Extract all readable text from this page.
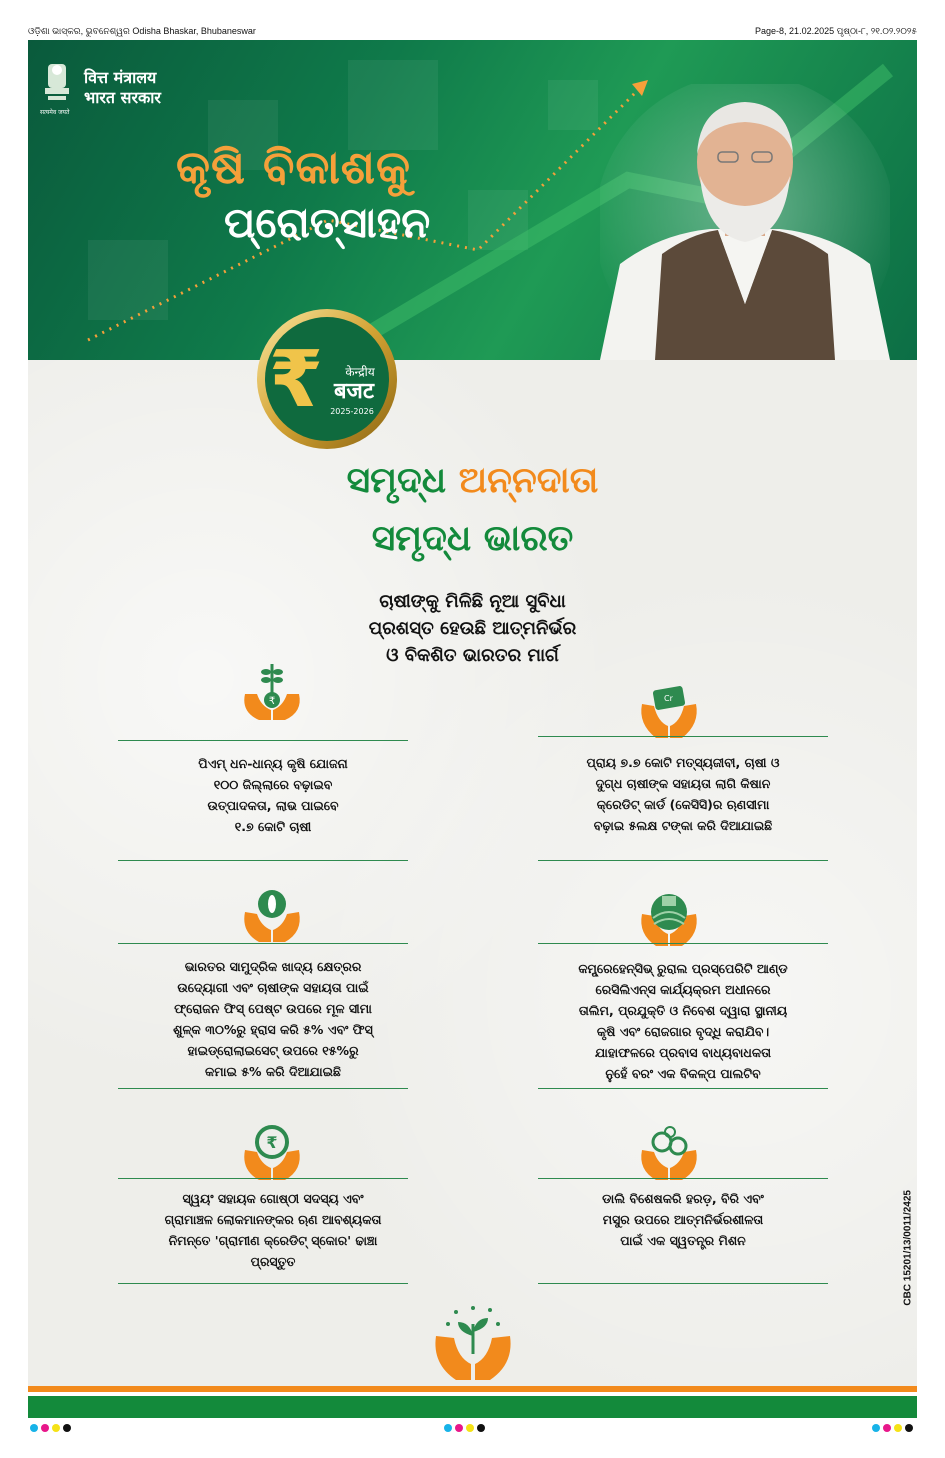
ଓଡ଼ିଶା ଭାସ୍କର, ଭୁବନେଶ୍ୱର Odisha Bhaskar, Bhubaneswar	Page-8, 21.02.2025 ପୃଷ୍ଠା-୮, ୨୧.୦୨.୨୦୨୫
सत्यमेव जयते
वित्त मंत्रालय
भारत सरकार
କୃଷି ବିକାଶକୁ
ପ୍ରୋତ୍ସାହନ
₹ केन्द्रीय
बजट
2025-2026
ସମୃଦ୍ଧ ଅନ୍ନଦାତା
ସମୃଦ୍ଧ ଭାରତ
ଚାଷୀଙ୍କୁ ମିଳିଛି ନୂଆ ସୁବିଧା
ପ୍ରଶସ୍ତ ହେଉଛି ଆତ୍ମନିର୍ଭର
ଓ ବିକଶିତ ଭାରତର ମାର୍ଗ
₹
ପିଏମ୍ ଧନ-ଧାନ୍ୟ କୃଷି ଯୋଜନା
୧୦୦ ଜିଲ୍ଲାରେ ବଢ଼ାଇବ
ଉତ୍ପାଦକତା, ଲାଭ ପାଇବେ
୧.୭ କୋଟି ଚାଷୀ
Cr
ପ୍ରାୟ ୭.୭ କୋଟି ମତ୍ସ୍ୟଜୀବୀ, ଚାଷୀ ଓ
ଦୁଗ୍ଧ ଚାଷୀଙ୍କ ସହାୟତା ଲାଗି କିଷାନ
କ୍ରେଡିଟ୍ କାର୍ଡ (କେସିସି)ର ଋଣସୀମା
ବଢ଼ାଇ ୫ଲକ୍ଷ ଟଙ୍କା କରି ଦିଆଯାଇଛି
ଭାରତର ସାମୁଦ୍ରିକ ଖାଦ୍ୟ କ୍ଷେତ୍ରର
ଉଦ୍ୟୋଗୀ ଏବଂ ଚାଷୀଙ୍କ ସହାୟତା ପାଇଁ
ଫ୍ରୋଜନ ଫିସ୍ ପେଷ୍ଟ ଉପରେ ମୂଳ ସୀମା
ଶୁଳ୍କ ୩୦%ରୁ ହ୍ରାସ କରି ୫% ଏବଂ ଫିସ୍
ହାଇଡ୍ରୋଲାଇସେଟ୍ ଉପରେ ୧୫%ରୁ
କମାଇ ୫% କରି ଦିଆଯାଇଛି
କମ୍ପ୍ରେହେନ୍ସିଭ୍ ରୁରାଲ ପ୍ରସ୍ପେରିଟି ଆଣ୍ଡ
ରେସିଲିଏନ୍ସ କାର୍ଯ୍ୟକ୍ରମ ଅଧୀନରେ
ତାଲିମ, ପ୍ରଯୁକ୍ତି ଓ ନିବେଶ ଦ୍ୱାରା ସ୍ଥାନୀୟ
କୃଷି ଏବଂ ରୋଜଗାର ବୃଦ୍ଧି କରାଯିବ।
ଯାହାଫଳରେ ପ୍ରବାସ ବାଧ୍ୟବାଧକତା
ନୁହେଁ ବରଂ ଏକ ବିକଳ୍ପ ପାଲଟିବ
₹
ସ୍ୱୟଂ ସହାୟକ ଗୋଷ୍ଠୀ ସଦସ୍ୟ ଏବଂ
ଗ୍ରାମାଞ୍ଚଳ ଲୋକମାନଙ୍କର ଋଣ ଆବଶ୍ୟକତା
ନିମନ୍ତେ 'ଗ୍ରାମୀଣ କ୍ରେଡିଟ୍ ସ୍କୋର' ଢାଞ୍ଚା
ପ୍ରସ୍ତୁତ
ଡାଲି ବିଶେଷକରି ହରଡ଼, ବିରି ଏବଂ
ମସୁର ଉପରେ ଆତ୍ମନିର୍ଭରଶୀଳତା
ପାଇଁ ଏକ ସ୍ୱତନ୍ତ୍ର ମିଶନ	CBC 15201/13/0011/2425
